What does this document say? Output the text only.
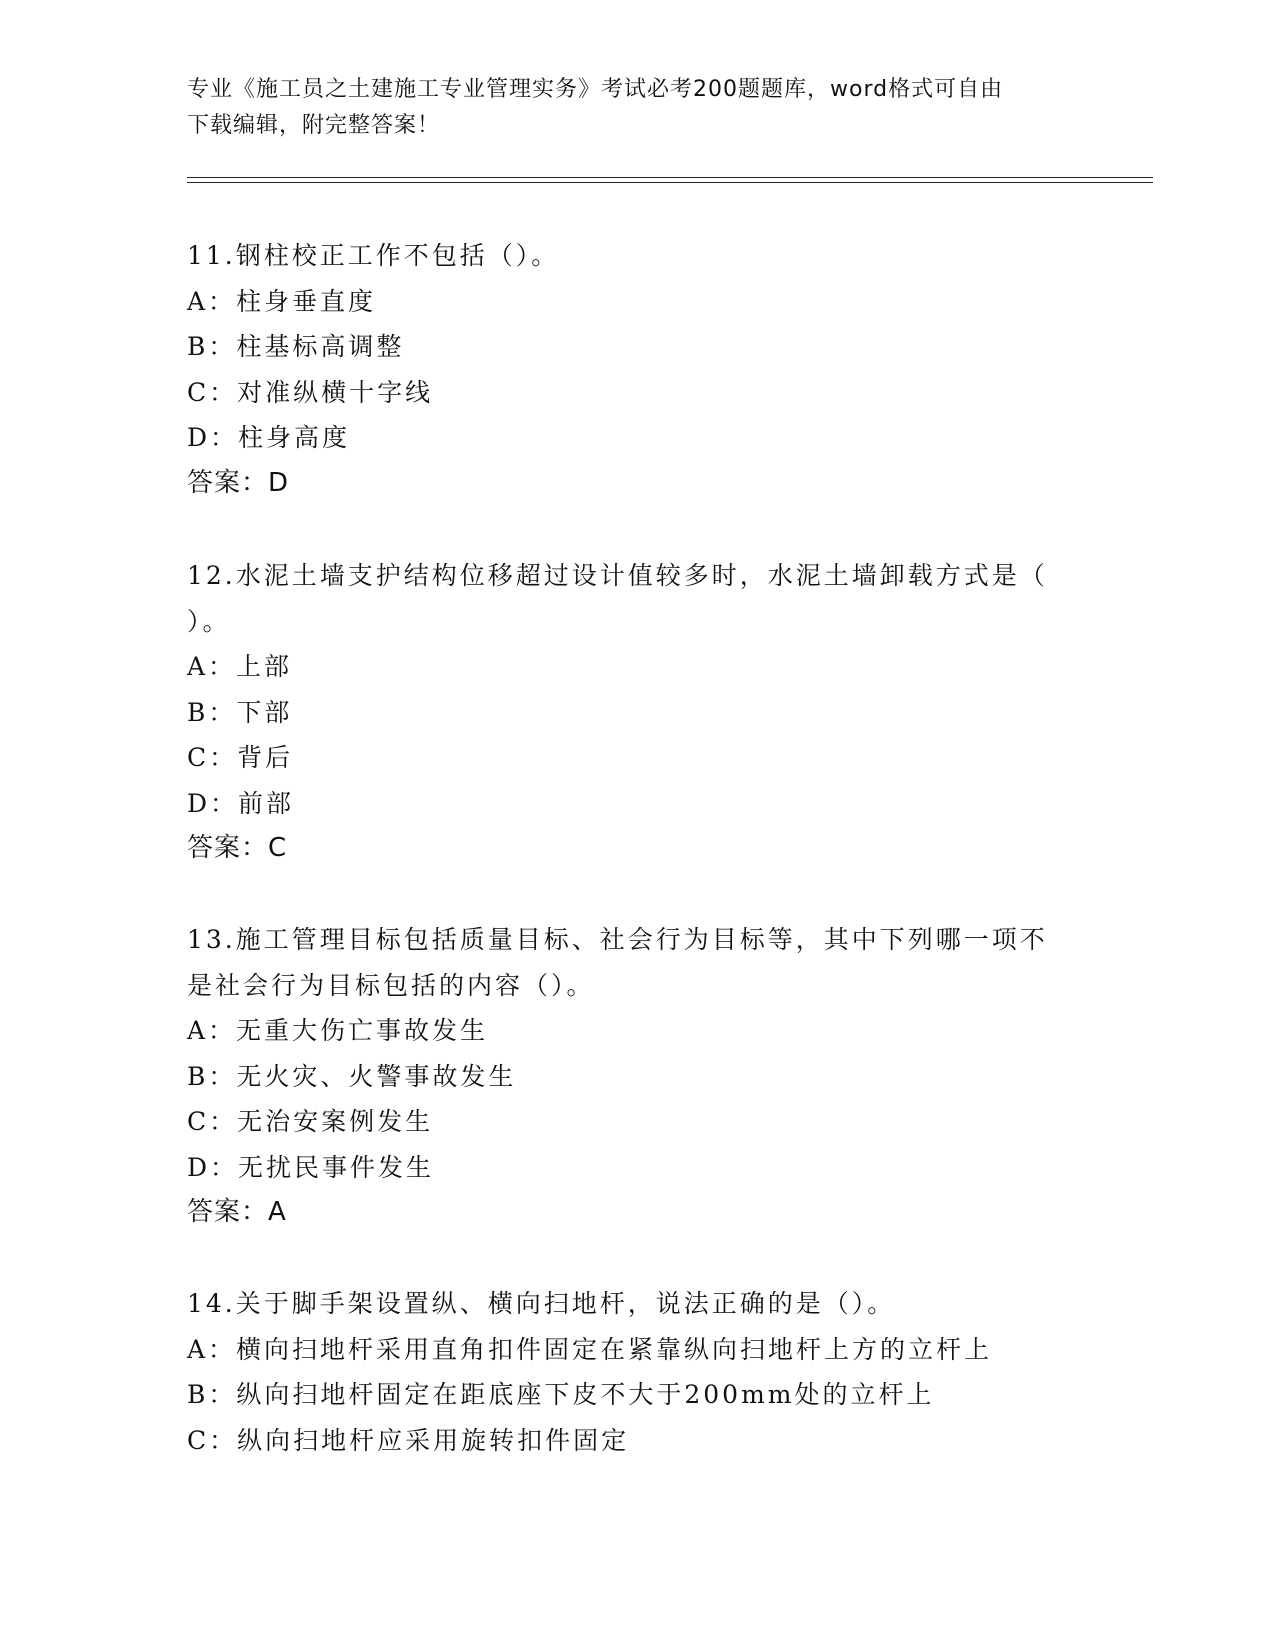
专业《施工员之土建施工专业管理实务》考试必考200题题库，word格式可自由
下载编辑，附完整答案！
11.钢柱校正工作不包括（）。
A：柱身垂直度
B：柱基标高调整
C：对准纵横十字线
D：柱身高度
答案：D
12.水泥土墙支护结构位移超过设计值较多时，水泥土墙卸载方式是（
）。
A：上部
B：下部
C：背后
D：前部
答案：C
13.施工管理目标包括质量目标、社会行为目标等，其中下列哪一项不
是社会行为目标包括的内容（）。
A：无重大伤亡事故发生
B：无火灾、火警事故发生
C：无治安案例发生
D：无扰民事件发生
答案：A
14.关于脚手架设置纵、横向扫地杆，说法正确的是（）。
A：横向扫地杆采用直角扣件固定在紧靠纵向扫地杆上方的立杆上
B：纵向扫地杆固定在距底座下皮不大于200mm处的立杆上
C：纵向扫地杆应采用旋转扣件固定
